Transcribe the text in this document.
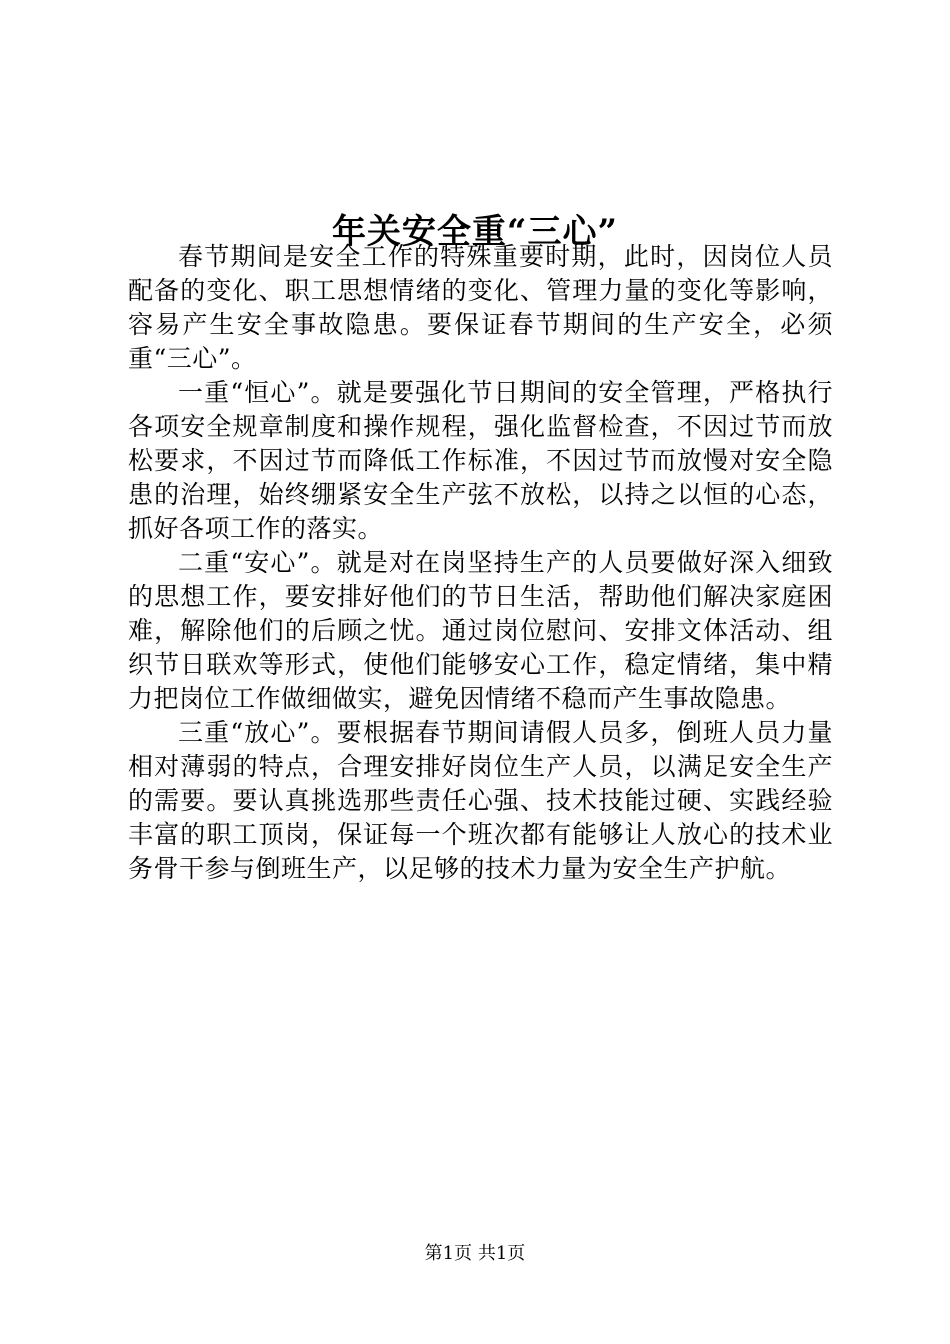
年关安全重“三心”

春节期间是安全工作的特殊重要时期，此时，因岗位人员配备的变化、职工思想情绪的变化、管理力量的变化等影响，容易产生安全事故隐患。要保证春节期间的生产安全，必须重“三心”。

一重“恒心”。就是要强化节日期间的安全管理，严格执行各项安全规章制度和操作规程，强化监督检查，不因过节而放松要求，不因过节而降低工作标准，不因过节而放慢对安全隐患的治理，始终绷紧安全生产弦不放松，以持之以恒的心态，抓好各项工作的落实。

二重“安心”。就是对在岗坚持生产的人员要做好深入细致的思想工作，要安排好他们的节日生活，帮助他们解决家庭困难，解除他们的后顾之忧。通过岗位慰问、安排文体活动、组织节日联欢等形式，使他们能够安心工作，稳定情绪，集中精力把岗位工作做细做实，避免因情绪不稳而产生事故隐患。

三重“放心”。要根据春节期间请假人员多，倒班人员力量相对薄弱的特点，合理安排好岗位生产人员，以满足安全生产的需要。要认真挑选那些责任心强、技术技能过硬、实践经验丰富的职工顶岗，保证每一个班次都有能够让人放心的技术业务骨干参与倒班生产，以足够的技术力量为安全生产护航。

第1页 共1页
